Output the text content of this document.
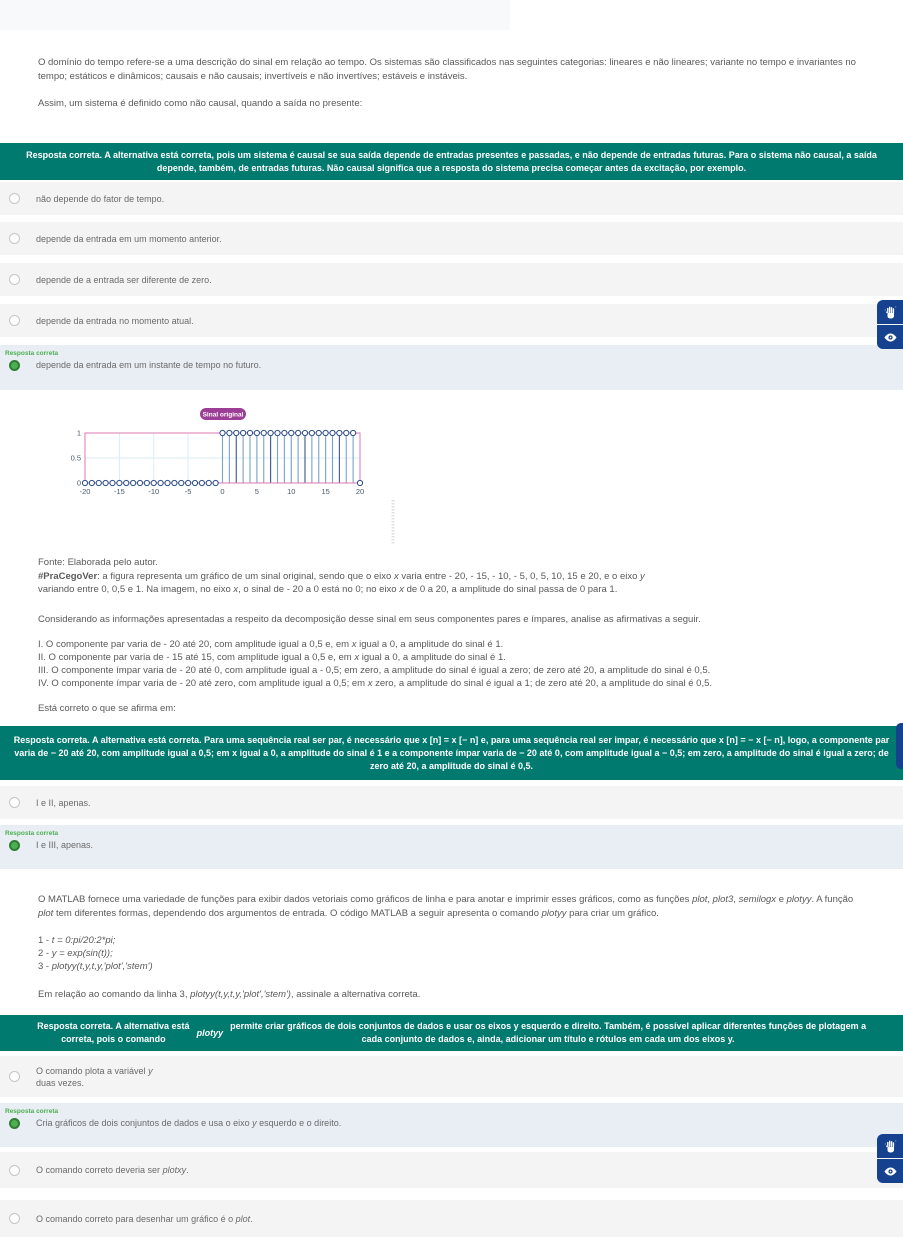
O domínio do tempo refere-se a uma descrição do sinal em relação ao tempo. Os sistemas são classificados nas seguintes categorias: lineares e não lineares; variante no tempo e invariantes no tempo; estáticos e dinâmicos; causais e não causais; invertíveis e não invertíves; estáveis e instáveis.
Assim, um sistema é definido como não causal, quando a saída no presente:
Resposta correta. A alternativa está correta, pois um sistema é causal se sua saída depende de entradas presentes e passadas, e não depende de entradas futuras. Para o sistema não causal, a saída depende, também, de entradas futuras. Não causal significa que a resposta do sistema precisa começar antes da excitação, por exemplo.
não depende do fator de tempo.
depende da entrada em um momento anterior.
depende de a entrada ser diferente de zero.
depende da entrada no momento atual.
Resposta correta
depende da entrada em um instante de tempo no futuro.
-20	-15	-10	-5	0	5	10	15	20
0
0.5
1
Sinal original
Fonte: Elaborada pelo autor.
#PraCegoVer: a figura representa um gráfico de um sinal original, sendo que o eixo x varia entre - 20, - 15, - 10, - 5, 0, 5, 10, 15 e 20, e o eixo y
variando entre 0, 0,5 e 1. Na imagem, no eixo x, o sinal de - 20 a 0 está no 0; no eixo x de 0 a 20, a amplitude do sinal passa de 0 para 1.
Considerando as informações apresentadas a respeito da decomposição desse sinal em seus componentes pares e ímpares, analise as afirmativas a seguir.
I. O componente par varia de - 20 até 20, com amplitude igual a 0,5 e, em x igual a 0, a amplitude do sinal é 1.
II. O componente par varia de - 15 até 15, com amplitude igual a 0,5 e, em x igual a 0, a amplitude do sinal é 1.
III. O componente ímpar varia de - 20 até 0, com amplitude igual a - 0,5; em zero, a amplitude do sinal é igual a zero; de zero até 20, a amplitude do sinal é 0,5.
IV. O componente ímpar varia de - 20 até zero, com amplitude igual a 0,5; em x zero, a amplitude do sinal é igual a 1; de zero até 20, a amplitude do sinal é 0,5.
Está correto o que se afirma em:
Resposta correta. A alternativa está correta. Para uma sequência real ser par, é necessário que x [n] = x [− n] e, para uma sequência real ser impar, é necessário que x [n] = − x [− n], logo, a componente par varia de − 20 até 20, com amplitude igual a 0,5; em x igual a 0, a amplitude do sinal é 1 e a componente ímpar varia de − 20 até 0, com amplitude igual a − 0,5; em zero, a amplitude do sinal é igual a zero; de zero até 20, a amplitude do sinal é 0,5.
I e II, apenas.
Resposta correta
I e III, apenas.
O MATLAB fornece uma variedade de funções para exibir dados vetoriais como gráficos de linha e para anotar e imprimir esses gráficos, como as funções plot, plot3, semilogx e plotyy. A função plot tem diferentes formas, dependendo dos argumentos de entrada. O código MATLAB a seguir apresenta o comando plotyy para criar um gráfico.
1 - t = 0:pi/20:2*pi;
2 - y = exp(sin(t));
3 - plotyy(t,y,t,y,'plot','stem')
Em relação ao comando da linha 3, plotyy(t,y,t,y,'plot','stem'), assinale a alternativa correta.
Resposta correta. A alternativa está correta, pois o comando
plotyy
permite criar gráficos de dois conjuntos de dados e usar os eixos y esquerdo e direito. Também, é possível aplicar diferentes funções de plotagem a cada conjunto de dados e, ainda, adicionar um título e rótulos em cada um dos eixos y.
O comando plota a variável y
duas vezes.
Resposta correta
Cria gráficos de dois conjuntos de dados e usa o eixo y esquerdo e o direito.
O comando correto deveria ser plotxy.
O comando correto para desenhar um gráfico é o plot.
